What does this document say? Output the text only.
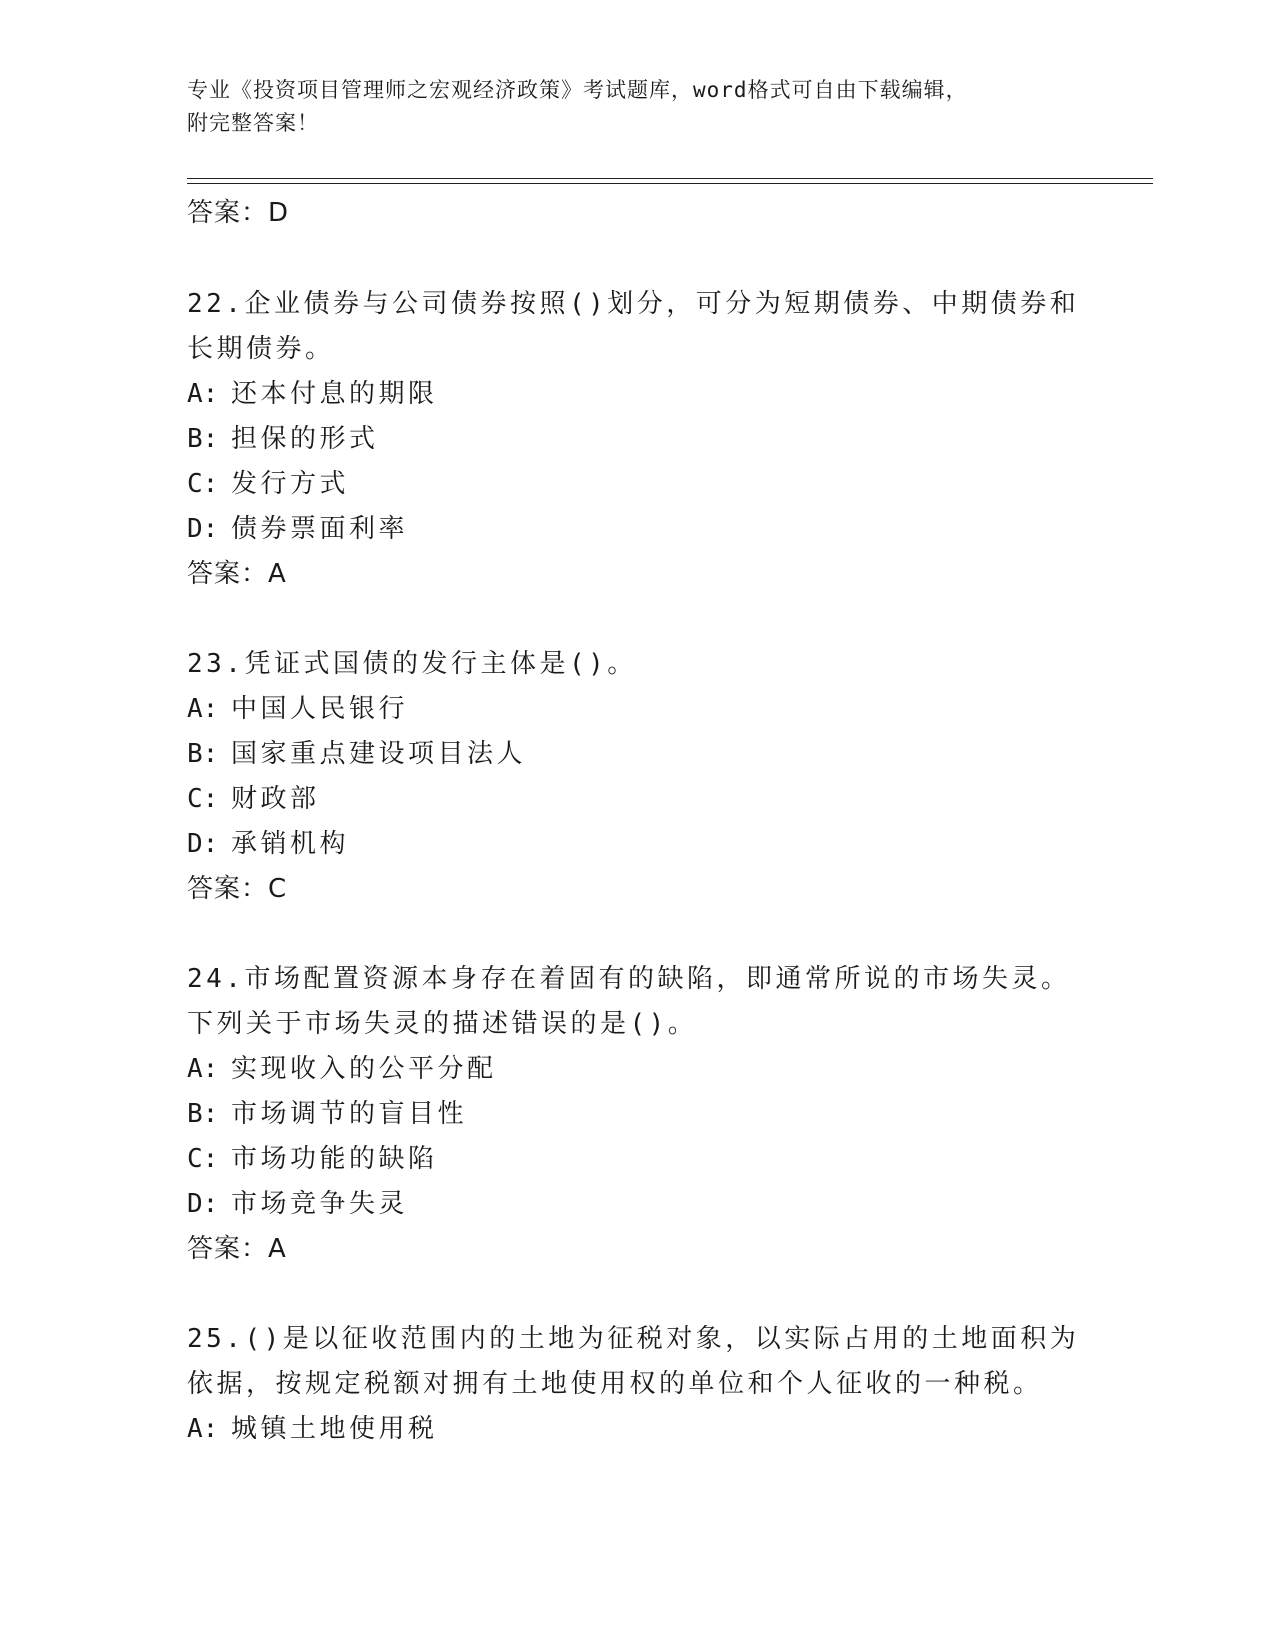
专业《投资项目管理师之宏观经济政策》考试题库，word格式可自由下载编辑，
附完整答案！
答案：D
22.企业债券与公司债券按照()划分，可分为短期债券、中期债券和长期债券。
A: 还本付息的期限
B: 担保的形式
C: 发行方式
D: 债券票面利率
答案：A
23.凭证式国债的发行主体是()。
A: 中国人民银行
B: 国家重点建设项目法人
C: 财政部
D: 承销机构
答案：C
24.市场配置资源本身存在着固有的缺陷，即通常所说的市场失灵。下列关于市场失灵的描述错误的是()。
A: 实现收入的公平分配
B: 市场调节的盲目性
C: 市场功能的缺陷
D: 市场竞争失灵
答案：A
25.()是以征收范围内的土地为征税对象，以实际占用的土地面积为依据，按规定税额对拥有土地使用权的单位和个人征收的一种税。
A: 城镇土地使用税
